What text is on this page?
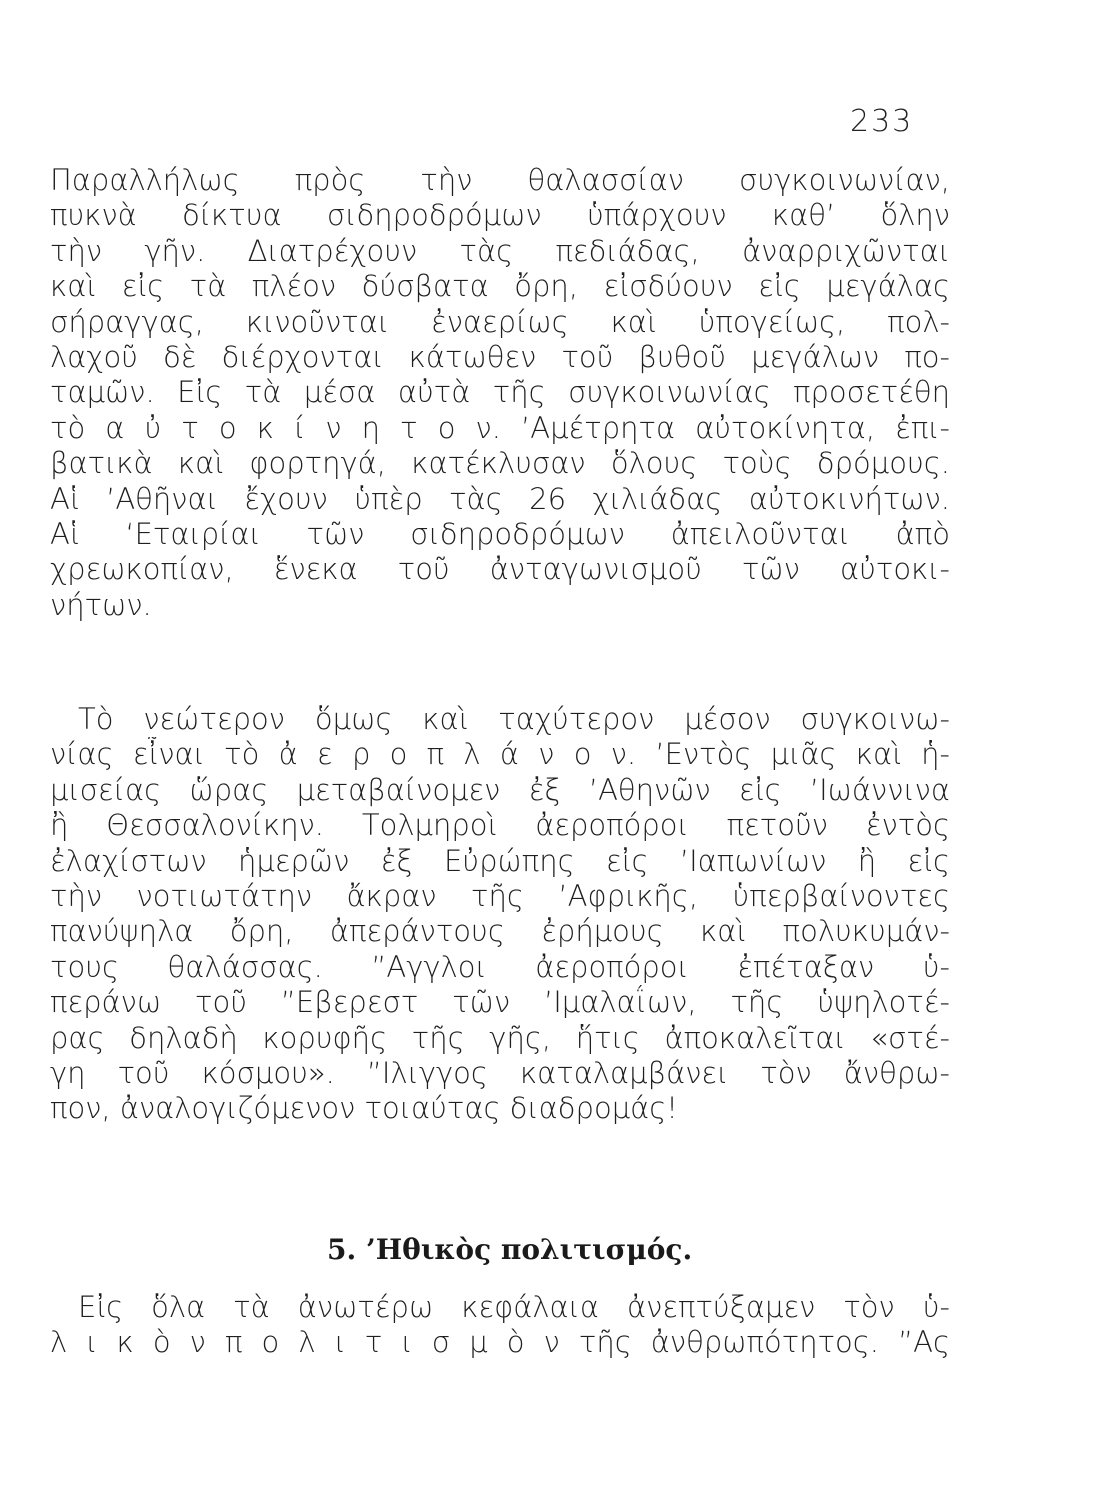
233
Παραλλήλως πρὸς τὴν θαλασσίαν συγκοινωνίαν,
πυκνὰ δίκτυα σιδηροδρόμων ὑπάρχουν καθ’ ὅλην
τὴν γῆν. Διατρέχουν τὰς πεδιάδας, ἀναρριχῶνται
καὶ εἰς τὰ πλέον δύσβατα ὄρη, εἰσδύουν εἰς μεγάλας
σήραγγας, κινοῦνται ἐναερίως καὶ ὑπογείως, πολ-
λαχοῦ δὲ διέρχονται κάτωθεν τοῦ βυθοῦ μεγάλων πο-
ταμῶν. Εἰς τὰ μέσα αὐτὰ τῆς συγκοινωνίας προσετέθη
τὸ α ὐ τ ο κ ί ν η τ ο ν. ’Αμέτρητα αὐτοκίνητα, ἐπι-
βατικὰ καὶ φορτηγά, κατέκλυσαν ὅλους τοὺς δρόμους.
Αἱ ’Αθῆναι ἔχουν ὑπὲρ τὰς 26 χιλιάδας αὐτοκινήτων.
Αἱ ‘Εταιρίαι τῶν σιδηροδρόμων ἀπειλοῦνται ἀπὸ
χρεωκοπίαν, ἕνεκα τοῦ ἀνταγωνισμοῦ τῶν αὐτοκι-
νήτων.
Τὸ νεώτερον ὅμως καὶ ταχύτερον μέσον συγκοινω-
νίας εἶναι τὸ ἀ ε ρ ο π λ ά ν ο ν. ’Εντὸς μιᾶς καὶ ἡ-
μισείας ὥρας μεταβαίνομεν ἐξ ’Αθηνῶν εἰς ’Ιωάννινα
ἢ Θεσσαλονίκην. Τολμηροὶ ἀεροπόροι πετοῦν ἐντὸς
ἐλαχίστων ἡμερῶν ἐξ Εὐρώπης εἰς ’Ιαπωνίων ἢ εἰς
τὴν νοτιωτάτην ἄκραν τῆς ’Αφρικῆς, ὑπερβαίνοντες
πανύψηλα ὄρη, ἀπεράντους ἐρήμους καὶ πολυκυμάν-
τους θαλάσσας. ”Αγγλοι ἀεροπόροι ἐπέταξαν ὑ-
περάνω τοῦ ”Εβερεστ τῶν ’Ιμαλαΐων, τῆς ὑψηλοτέ-
ρας δηλαδὴ κορυφῆς τῆς γῆς, ἥτις ἀποκαλεῖται «στέ-
γη τοῦ κόσμου». ”Ιλιγγος καταλαμβάνει τὸν ἄνθρω-
πον, ἀναλογιζόμενον τοιαύτας διαδρομάς!
5. ’Ηθικὸς πολιτισμός.
Εἰς ὅλα τὰ ἀνωτέρω κεφάλαια ἀνεπτύξαμεν τὸν ὑ-
λ ι κ ὸ ν π ο λ ι τ ι σ μ ὸ ν τῆς ἀνθρωπότητος. ”Ας
